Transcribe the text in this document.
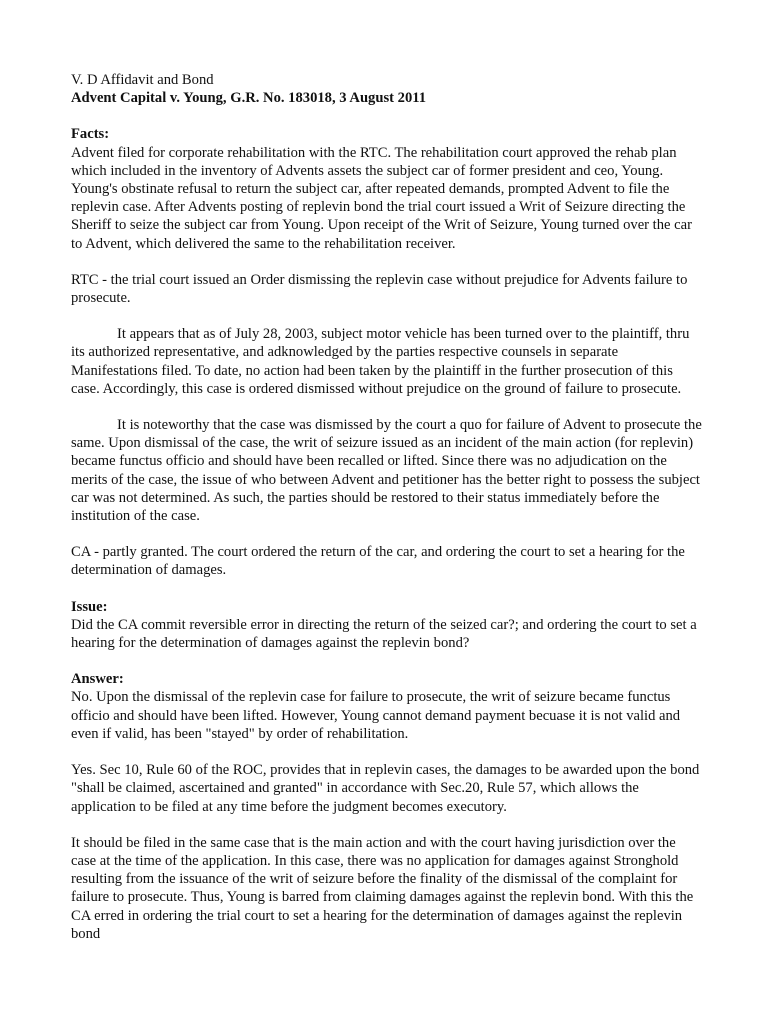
V. D Affidavit and Bond

Advent Capital v. Young, G.R. No. 183018, 3 August 2011

Facts:

Advent filed for corporate rehabilitation with the RTC. The rehabilitation court approved the rehab plan which included in the inventory of Advents assets the subject car of former president and ceo, Young. Young's obstinate refusal to return the subject car, after repeated demands, prompted Advent to file the replevin case. After Advents posting of replevin bond the trial court issued a Writ of Seizure directing the Sheriff to seize the subject car from Young. Upon receipt of the Writ of Seizure, Young turned over the car to Advent, which delivered the same to the rehabilitation receiver.

RTC - the trial court issued an Order dismissing the replevin case without prejudice for Advents failure to prosecute.

It appears that as of July 28, 2003, subject motor vehicle has been turned over to the plaintiff, thru its authorized representative, and adknowledged by the parties respective counsels in separate Manifestations filed. To date, no action had been taken by the plaintiff in the further prosecution of this case. Accordingly, this case is ordered dismissed without prejudice on the ground of failure to prosecute.

It is noteworthy that the case was dismissed by the court a quo for failure of Advent to prosecute the same. Upon dismissal of the case, the writ of seizure issued as an incident of the main action (for replevin) became functus officio and should have been recalled or lifted. Since there was no adjudication on the merits of the case, the issue of who between Advent and petitioner has the better right to possess the subject car was not determined. As such, the parties should be restored to their status immediately before the institution of the case.

CA - partly granted. The court ordered the return of the car, and ordering the court to set a hearing for the determination of damages.

Issue:

Did the CA commit reversible error in directing the return of the seized car?; and ordering the court to set a hearing for the determination of damages against the replevin bond?

Answer:

No. Upon the dismissal of the replevin case for failure to prosecute, the writ of seizure became functus officio and should have been lifted. However, Young cannot demand payment becuase it is not valid and even if valid, has been "stayed" by order of rehabilitation.

Yes. Sec 10, Rule 60 of the ROC, provides that in replevin cases, the damages to be awarded upon the bond "shall be claimed, ascertained and granted" in accordance with Sec.20, Rule 57, which allows the application to be filed at any time before the judgment becomes executory.

It should be filed in the same case that is the main action and with the court having jurisdiction over the case at the time of the application. In this case, there was no application for damages against Stronghold resulting from the issuance of the writ of seizure before the finality of the dismissal of the complaint for failure to prosecute. Thus, Young is barred from claiming damages against the replevin bond. With this the CA erred in ordering the trial court to set a hearing for the determination of damages against the replevin bond
